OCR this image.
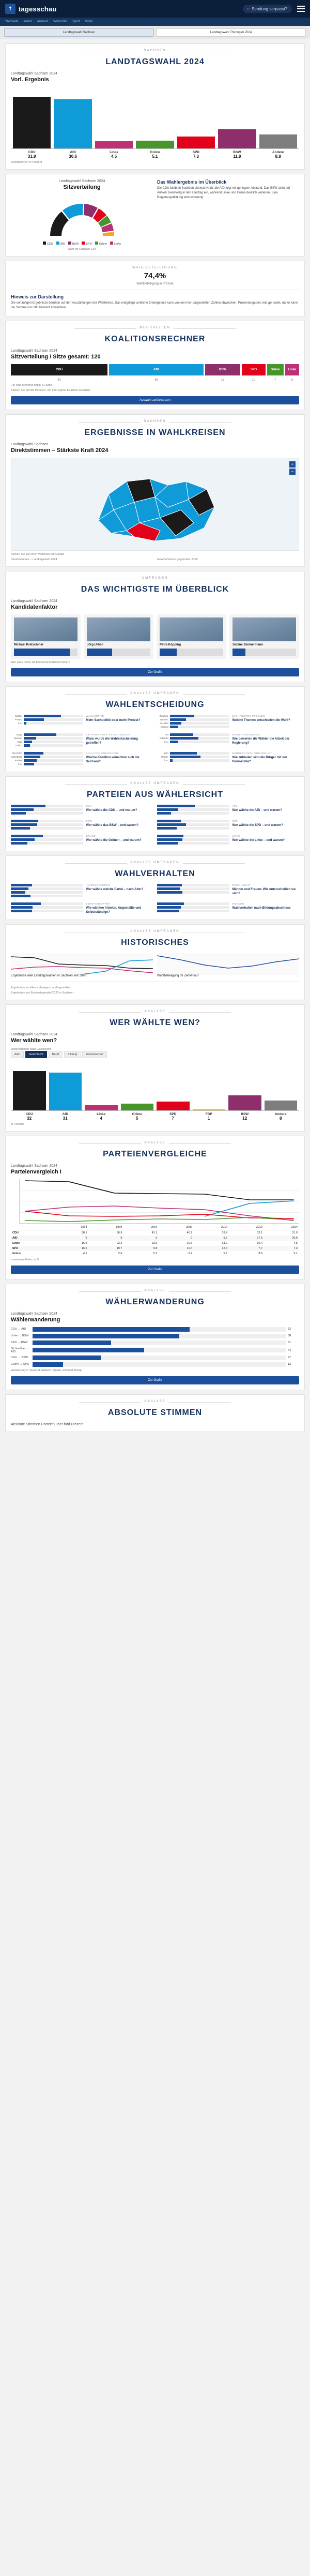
t tagesschau	⌕ Sendung verpasst?
Startseite Inland Ausland Wirtschaft Sport Video
Landtagswahl Sachsen	Landtagswahl Thüringen 2024
SACHSEN
LANDTAGSWAHL 2024
Landtagswahl Sachsen 2024
Vorl. Ergebnis
CDU
31.9
AfD
30.6
Linke
4.5
Grüne
5.1
SPD
7.3
BSW
11.8
Andere
8.8
Zweitstimmen in Prozent
Landtagswahl Sachsen 2024
Sitzverteilung
CDU	AfD	BSW	SPD	Grüne	Linke
Sitze im Landtag: 120
Das Wahlergebnis im Überblick
Die CDU bleibt in Sachsen stärkste Kraft, die AfD folgt mit geringem Abstand. Das BSW zieht auf Anhieb zweistellig in den Landtag ein, während Linke und Grüne deutlich verlieren. Eine Regierungsbildung wird schwierig.
WAHLBETEILIGUNG
74,4%
Wahlbeteiligung in Prozent
Hinweis zur Darstellung
Die vorläufigen Ergebnisse beruhen auf den Auszählungen der Wahlkreise. Das endgültige amtliche Endergebnis kann von den hier dargestellten Zahlen abweichen. Prozentangaben sind gerundet, daher kann die Summe von 100 Prozent abweichen.
MEHRHEITEN
KOALITIONSRECHNER
Landtagswahl Sachsen 2024
Sitzverteilung / Sitze gesamt: 120
CDU	AfD	BSW	SPD	Grüne	Linke
41	40	15	10	7	6
Für eine Mehrheit nötig: 61 Sitze
Klicken Sie auf die Parteien, um Ihre eigene Koalition zu bilden.
Auswahl zurücksetzen
SACHSEN
ERGEBNISSE IN WAHLKREISEN
Landtagswahl Sachsen
Direktstimmen – Stärkste Kraft 2024
+
−
Klicken Sie auf einen Wahlkreis für Details
Direktmandate – Landtagswahl 2024	Gewinn/Verlust gegenüber 2019
UMFRAGEN
DAS WICHTIGSTE IM ÜBERBLICK
Landtagswahl Sachsen 2024
Kandidatenfaktor
Michael Kretschmer	Jörg Urban	Petra Köpping	Sabine Zimmermann
Wer wäre Ihnen als Ministerpräsident/in lieber?
Zur Grafik
ANALYSE UMFRAGEN
WAHLENTSCHEIDUNG
Sachp.
Protest
k.A.
WAHLMOTIVE
Mehr Sachpolitik oder mehr Protest?
Zuwand.
Wirtsch.
Soziales
Bildung
WICHTIGSTES PROBLEM
Welche Themen entschieden die Wahl?
Lange
Wochen
Tage
Zuletzt
ZEITPUNKT DER ENTSCHEIDUNG
Wann wurde die Wahlentscheidung getroffen?
Gut
Schlecht
k.A.
REGIERUNGSBILANZ
Wie bewerten die Wähler die Arbeit der Regierung?
CDU/SPD
CDU/BSW
Andere
k.A.
KOALITIONSPRÄFERENZ
Welche Koalition wünschen sich die Sachsen?
Zufr.
Unzufr.
k.A.
DEMOKRATIEZUFRIEDENHEIT
Wie zufrieden sind die Bürger mit der Demokratie?
ANALYSE UMFRAGEN
PARTEIEN AUS WÄHLERSICHT
CDU
Wer wählte die CDU – und warum?
AFD
Wer wählte die AfD – und warum?
BSW
Wer wählte das BSW – und warum?
SPD
Wer wählte die SPD – und warum?
GRÜNE
Wer wählte die Grünen – und warum?
LINKE
Wer wählte die Linke – und warum?
ANALYSE UMFRAGEN
WAHLVERHALTEN
ALTERSGRUPPEN
Wer wählte welche Partei – nach Alter?
GESCHLECHT
Männer und Frauen: Wie unterscheiden sie sich?
BERUFSGRUPPEN
Wie wählten Arbeiter, Angestellte und Selbstständige?
BILDUNG
Wahlverhalten nach Bildungsabschluss
ANALYSE UMFRAGEN
HISTORISCHES
Ergebnisse aller Landtagswahlen in Sachsen seit 1990	Wahlbeteiligung im Zeitverlauf
Ergebnisse zu allen vorherigen Landtagswahlen
Ergebnisse zur Bundestagswahl 2021 in Sachsen
ANALYSE
WER WÄHLTE WEN?
Landtagswahl Sachsen 2024
Wer wählte wen?
Wahlverhalten nach Geschlecht
Alter	Geschlecht	Beruf	Bildung	Gewerkschaft
CDU
32
AfD
31
Linke
4
Grüne
5
SPD
7
FDP
1
BSW
12
Andere
8
in Prozent
ANALYSE
PARTEIENVERGLEICHE
Landtagswahl Sachsen 2024
Parteienvergleich I
	1994	1999	2004	2009	2014	2019	2024
CDU	58.1	56.9	41.1	40.2	39.4	32.1	31.9
AfD	0	0	0	0	9.7	27.5	30.6
Linke	16.5	22.2	23.6	20.6	18.9	10.4	4.5
SPD	16.6	10.7	9.8	10.4	12.4	7.7	7.3
Grüne	4.1	2.6	5.1	6.4	5.7	8.6	5.1
Landeswahlleiter, in %
Zur Grafik
ANALYSE
WÄHLERWANDERUNG
Landtagswahl Sachsen 2024
Wählerwanderung
CDU → AfD	62
Linke → BSW	58
SPD → BSW	31
Nichtwähler → AfD	44
CDU → BSW	27
Grüne → SPD	12
Wanderung in Tausend Wählern, Quelle: Infratest dimap
Zur Grafik
ANALYSE
ABSOLUTE STIMMEN
Absolute Stimmen Parteien über fünf Prozent
